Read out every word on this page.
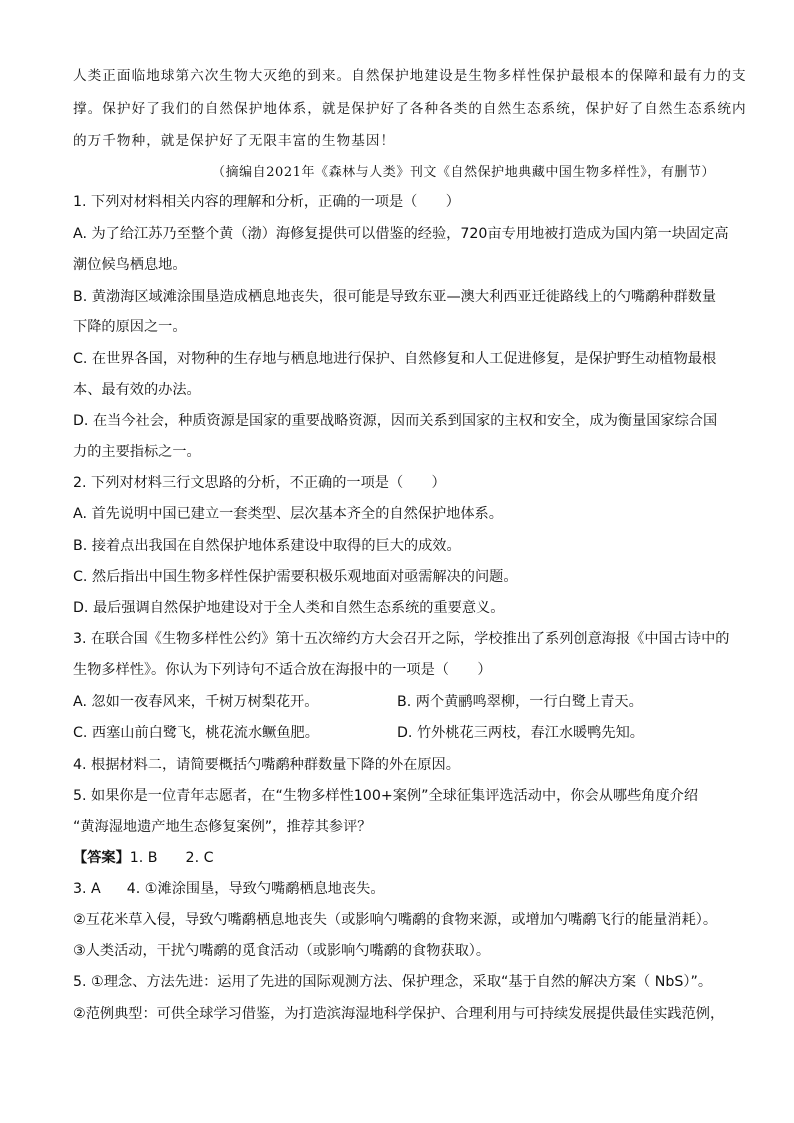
人类正面临地球第六次生物大灭绝的到来。自然保护地建设是生物多样性保护最根本的保障和最有力的支
撑。保护好了我们的自然保护地体系，就是保护好了各种各类的自然生态系统，保护好了自然生态系统内
的万千物种，就是保护好了无限丰富的生物基因！
（摘编自2021年《森林与人类》刊文《自然保护地典藏中国生物多样性》，有删节）
1. 下列对材料相关内容的理解和分析，正确的一项是（　　）
A. 为了给江苏乃至整个黄（渤）海修复提供可以借鉴的经验，720亩专用地被打造成为国内第一块固定高
潮位候鸟栖息地。
B. 黄渤海区域滩涂围垦造成栖息地丧失，很可能是导致东亚—澳大利西亚迁徙路线上的勺嘴鹬种群数量
下降的原因之一。
C. 在世界各国，对物种的生存地与栖息地进行保护、自然修复和人工促进修复，是保护野生动植物最根
本、最有效的办法。
D. 在当今社会，种质资源是国家的重要战略资源，因而关系到国家的主权和安全，成为衡量国家综合国
力的主要指标之一。
2. 下列对材料三行文思路的分析，不正确的一项是（　　）
A. 首先说明中国已建立一套类型、层次基本齐全的自然保护地体系。
B. 接着点出我国在自然保护地体系建设中取得的巨大的成效。
C. 然后指出中国生物多样性保护需要积极乐观地面对亟需解决的问题。
D. 最后强调自然保护地建设对于全人类和自然生态系统的重要意义。
3. 在联合国《生物多样性公约》第十五次缔约方大会召开之际，学校推出了系列创意海报《中国古诗中的
生物多样性》。你认为下列诗句不适合放在海报中的一项是（　　）
A. 忽如一夜春风来，千树万树梨花开。	B. 两个黄鹂鸣翠柳，一行白鹭上青天。
C. 西塞山前白鹭飞，桃花流水鳜鱼肥。	D. 竹外桃花三两枝，春江水暖鸭先知。
4. 根据材料二，请简要概括勺嘴鹬种群数量下降的外在原因。
5. 如果你是一位青年志愿者，在“生物多样性100+案例”全球征集评选活动中，你会从哪些角度介绍
“黄海湿地遗产地生态修复案例”，推荐其参评？
【答案】1. B 2. C
3. A 4. ①滩涂围垦，导致勺嘴鹬栖息地丧失。
②互花米草入侵，导致勺嘴鹬栖息地丧失（或影响勺嘴鹬的食物来源，或增加勺嘴鹬飞行的能量消耗）。
③人类活动，干扰勺嘴鹬的觅食活动（或影响勺嘴鹬的食物获取）。
5. ①理念、方法先进：运用了先进的国际观测方法、保护理念，采取“基于自然的解决方案（ NbS）”。
②范例典型：可供全球学习借鉴，为打造滨海湿地科学保护、合理利用与可持续发展提供最佳实践范例，
